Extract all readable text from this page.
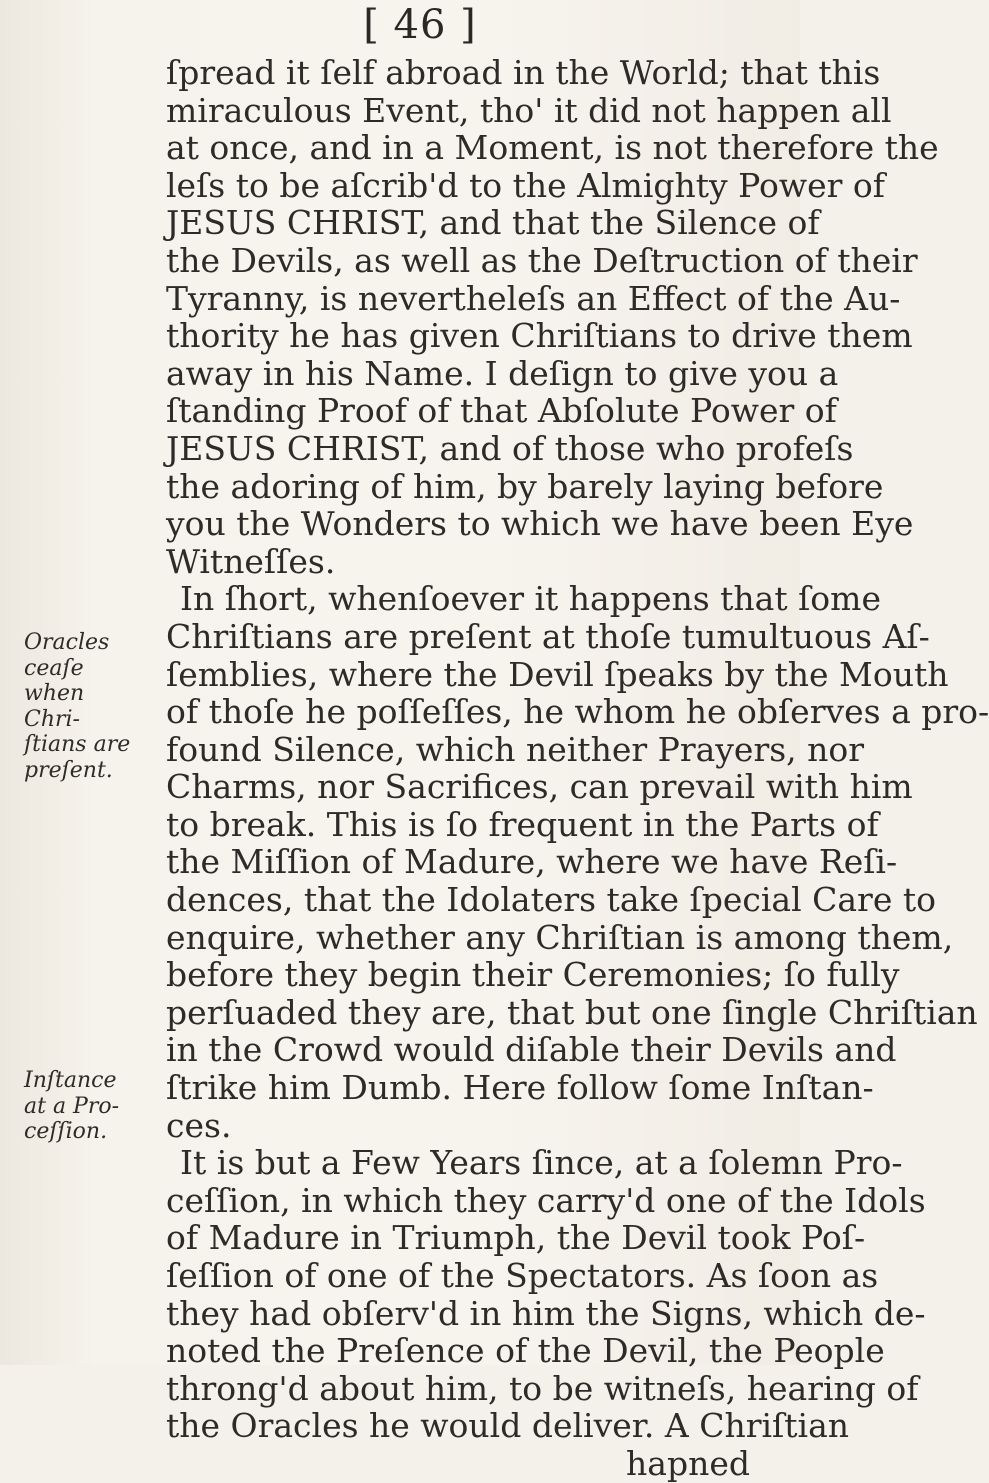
[ 46 ]
ſpread it ſelf abroad in the World; that this
miraculous Event, tho' it did not happen all
at once, and in a Moment, is not therefore the
leſs to be aſcrib'd to the Almighty Power of
JESUS CHRIST, and that the Silence of
the Devils, as well as the Deſtruction of their
Tyranny, is nevertheleſs an Effect of the Au-
thority he has given Chriſtians to drive them
away in his Name. I deſign to give you a
ſtanding Proof of that Abſolute Power of
JESUS CHRIST, and of those who profeſs
the adoring of him, by barely laying before
you the Wonders to which we have been Eye
Witneſſes.
In ſhort, whenſoever it happens that ſome
Chriſtians are preſent at thoſe tumultuous Aſ-
ſemblies, where the Devil ſpeaks by the Mouth
of thoſe he poſſeſſes, he whom he obſerves a pro-
found Silence, which neither Prayers, nor
Charms, nor Sacrifices, can prevail with him
to break. This is ſo frequent in the Parts of
the Miſſion of Madure, where we have Reſi-
dences, that the Idolaters take ſpecial Care to
enquire, whether any Chriſtian is among them,
before they begin their Ceremonies; ſo fully
perſuaded they are, that but one ſingle Chriſtian
in the Crowd would diſable their Devils and
ſtrike him Dumb. Here follow ſome Inſtan-
ces.
It is but a Few Years ſince, at a ſolemn Pro-
ceſſion, in which they carry'd one of the Idols
of Madure in Triumph, the Devil took Poſ-
ſeſſion of one of the Spectators. As ſoon as
they had obſerv'd in him the Signs, which de-
noted the Preſence of the Devil, the People
throng'd about him, to be witneſs, hearing of
the Oracles he would deliver. A Chriſtian
hapned
Oracles
ceaſe
when
Chri-
ſtians are
preſent.
Inſtance
at a Pro-
ceſſion.
